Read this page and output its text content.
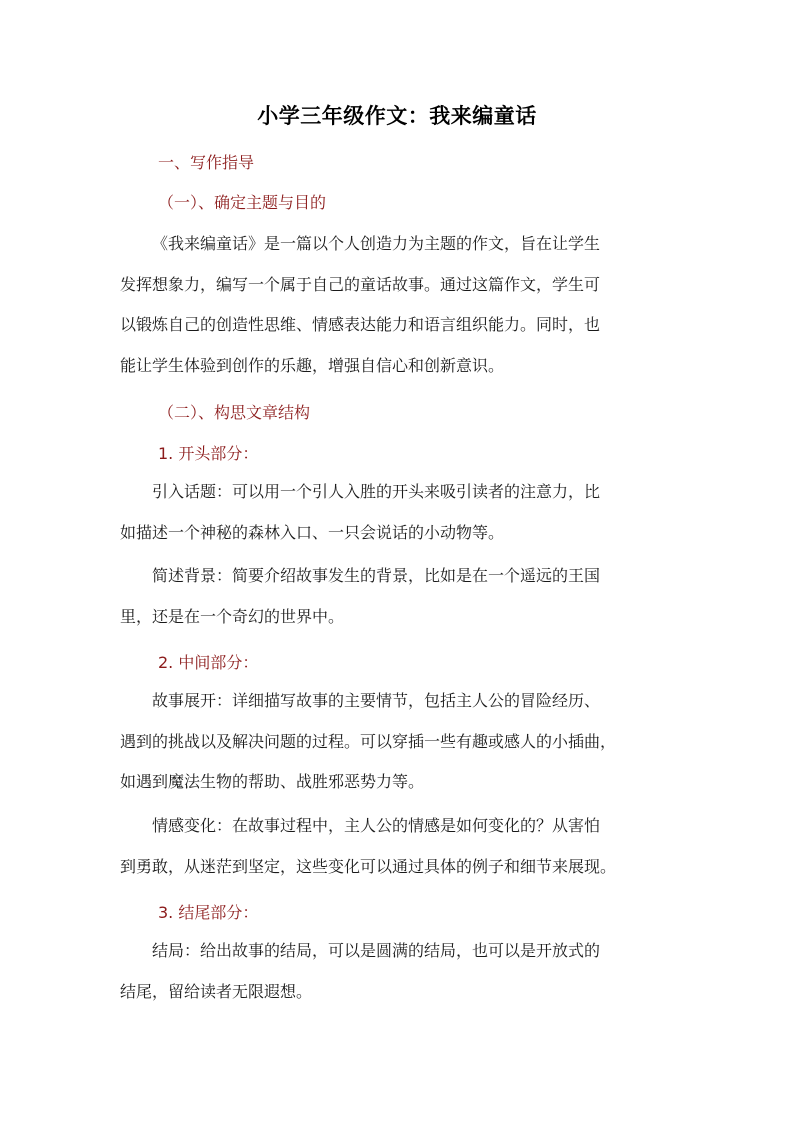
小学三年级作文：我来编童话
一、写作指导
（一）、确定主题与目的
《我来编童话》是一篇以个人创造力为主题的作文，旨在让学生
发挥想象力，编写一个属于自己的童话故事。通过这篇作文，学生可
以锻炼自己的创造性思维、情感表达能力和语言组织能力。同时，也
能让学生体验到创作的乐趣，增强自信心和创新意识。
（二）、构思文章结构
1. 开头部分：
引入话题：可以用一个引人入胜的开头来吸引读者的注意力，比
如描述一个神秘的森林入口、一只会说话的小动物等。
简述背景：简要介绍故事发生的背景，比如是在一个遥远的王国
里，还是在一个奇幻的世界中。
2. 中间部分：
故事展开：详细描写故事的主要情节，包括主人公的冒险经历、
遇到的挑战以及解决问题的过程。可以穿插一些有趣或感人的小插曲，
如遇到魔法生物的帮助、战胜邪恶势力等。
情感变化：在故事过程中，主人公的情感是如何变化的？从害怕
到勇敢，从迷茫到坚定，这些变化可以通过具体的例子和细节来展现。
3. 结尾部分：
结局：给出故事的结局，可以是圆满的结局，也可以是开放式的
结尾，留给读者无限遐想。
